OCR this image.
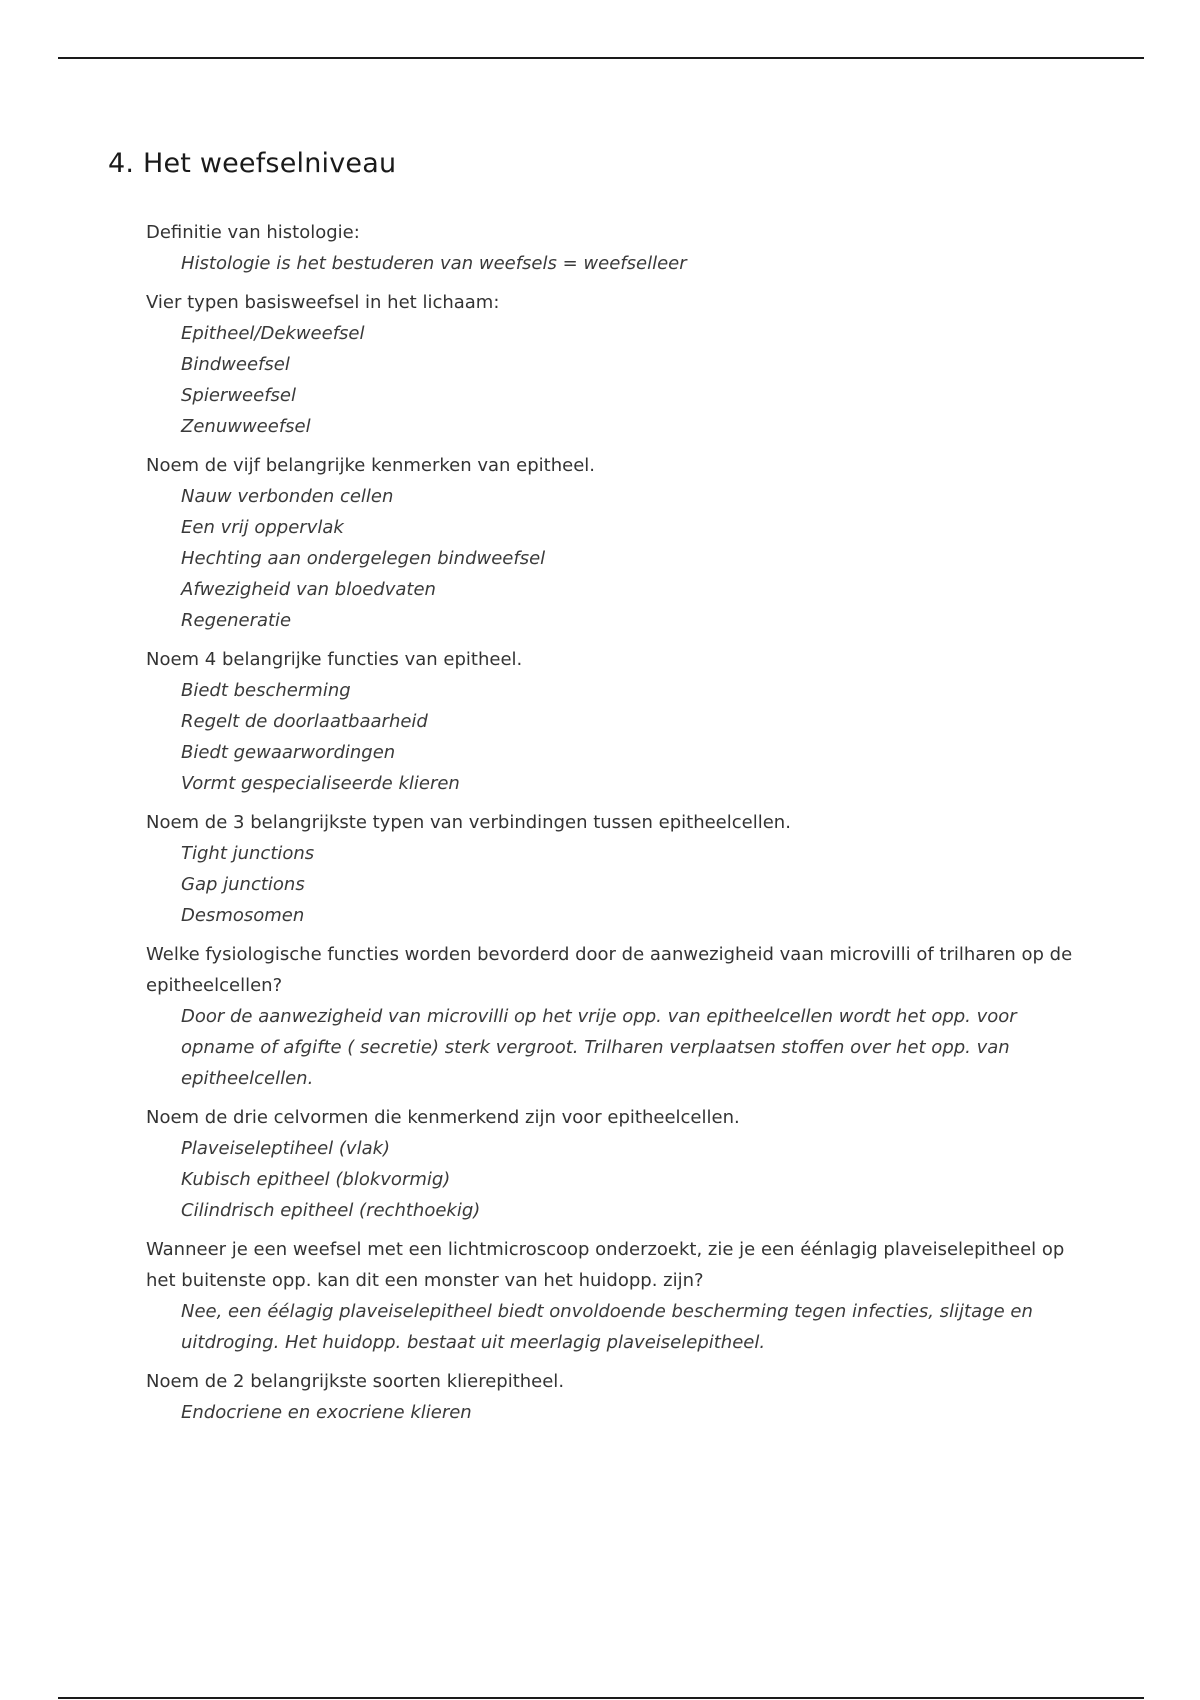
4. Het weefselniveau
Definitie van histologie:
Histologie is het bestuderen van weefsels = weefselleer
Vier typen basisweefsel in het lichaam:
Epitheel/Dekweefsel
Bindweefsel
Spierweefsel
Zenuwweefsel
Noem de vijf belangrijke kenmerken van epitheel.
Nauw verbonden cellen
Een vrij oppervlak
Hechting aan ondergelegen bindweefsel
Afwezigheid van bloedvaten
Regeneratie
Noem 4 belangrijke functies van epitheel.
Biedt bescherming
Regelt de doorlaatbaarheid
Biedt gewaarwordingen
Vormt gespecialiseerde klieren
Noem de 3 belangrijkste typen van verbindingen tussen epitheelcellen.
Tight junctions
Gap junctions
Desmosomen
Welke fysiologische functies worden bevorderd door de aanwezigheid vaan microvilli of trilharen op de epitheelcellen?
Door de aanwezigheid van microvilli op het vrije opp. van epitheelcellen wordt het opp. voor opname of afgifte ( secretie) sterk vergroot. Trilharen verplaatsen stoffen over het opp. van epitheelcellen.
Noem de drie celvormen die kenmerkend zijn voor epitheelcellen.
Plaveiseleptiheel (vlak)
Kubisch epitheel (blokvormig)
Cilindrisch epitheel (rechthoekig)
Wanneer je een weefsel met een lichtmicroscoop onderzoekt, zie je een éénlagig plaveiselepitheel op het buitenste opp. kan dit een monster van het huidopp. zijn?
Nee, een éélagig plaveiselepitheel biedt onvoldoende bescherming tegen infecties, slijtage en uitdroging. Het huidopp. bestaat uit meerlagig plaveiselepitheel.
Noem de 2 belangrijkste soorten klierepitheel.
Endocriene en exocriene klieren
